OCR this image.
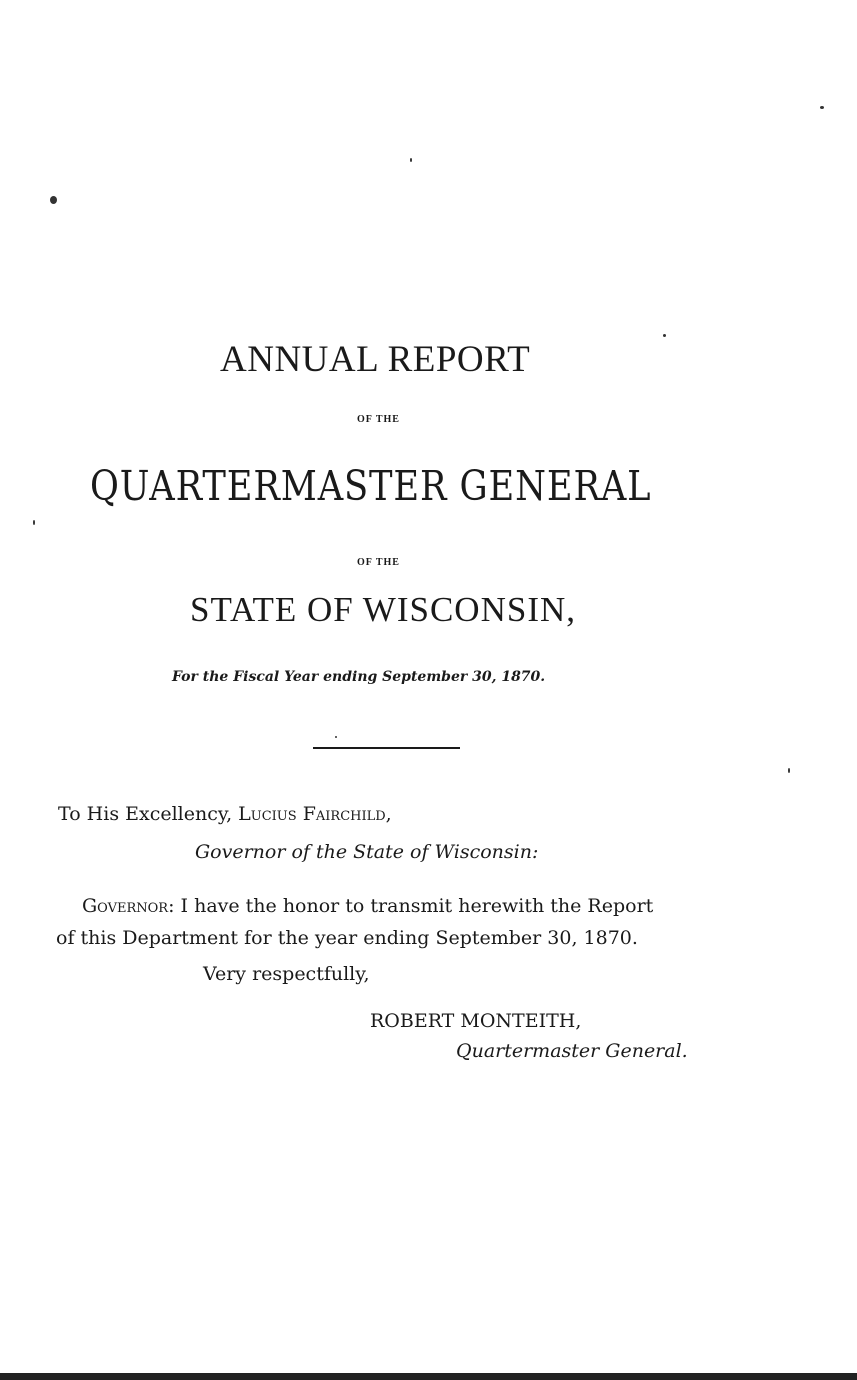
ANNUAL REPORT
OF THE
QUARTERMASTER GENERAL
OF THE
STATE OF WISCONSIN,
For the Fiscal Year ending September 30, 1870.
To His Excellency, Lucius Fairchild,
Governor of the State of Wisconsin:
Governor: I have the honor to transmit herewith the Report
of this Department for the year ending September 30, 1870.
Very respectfully,
ROBERT MONTEITH,
Quartermaster General.
